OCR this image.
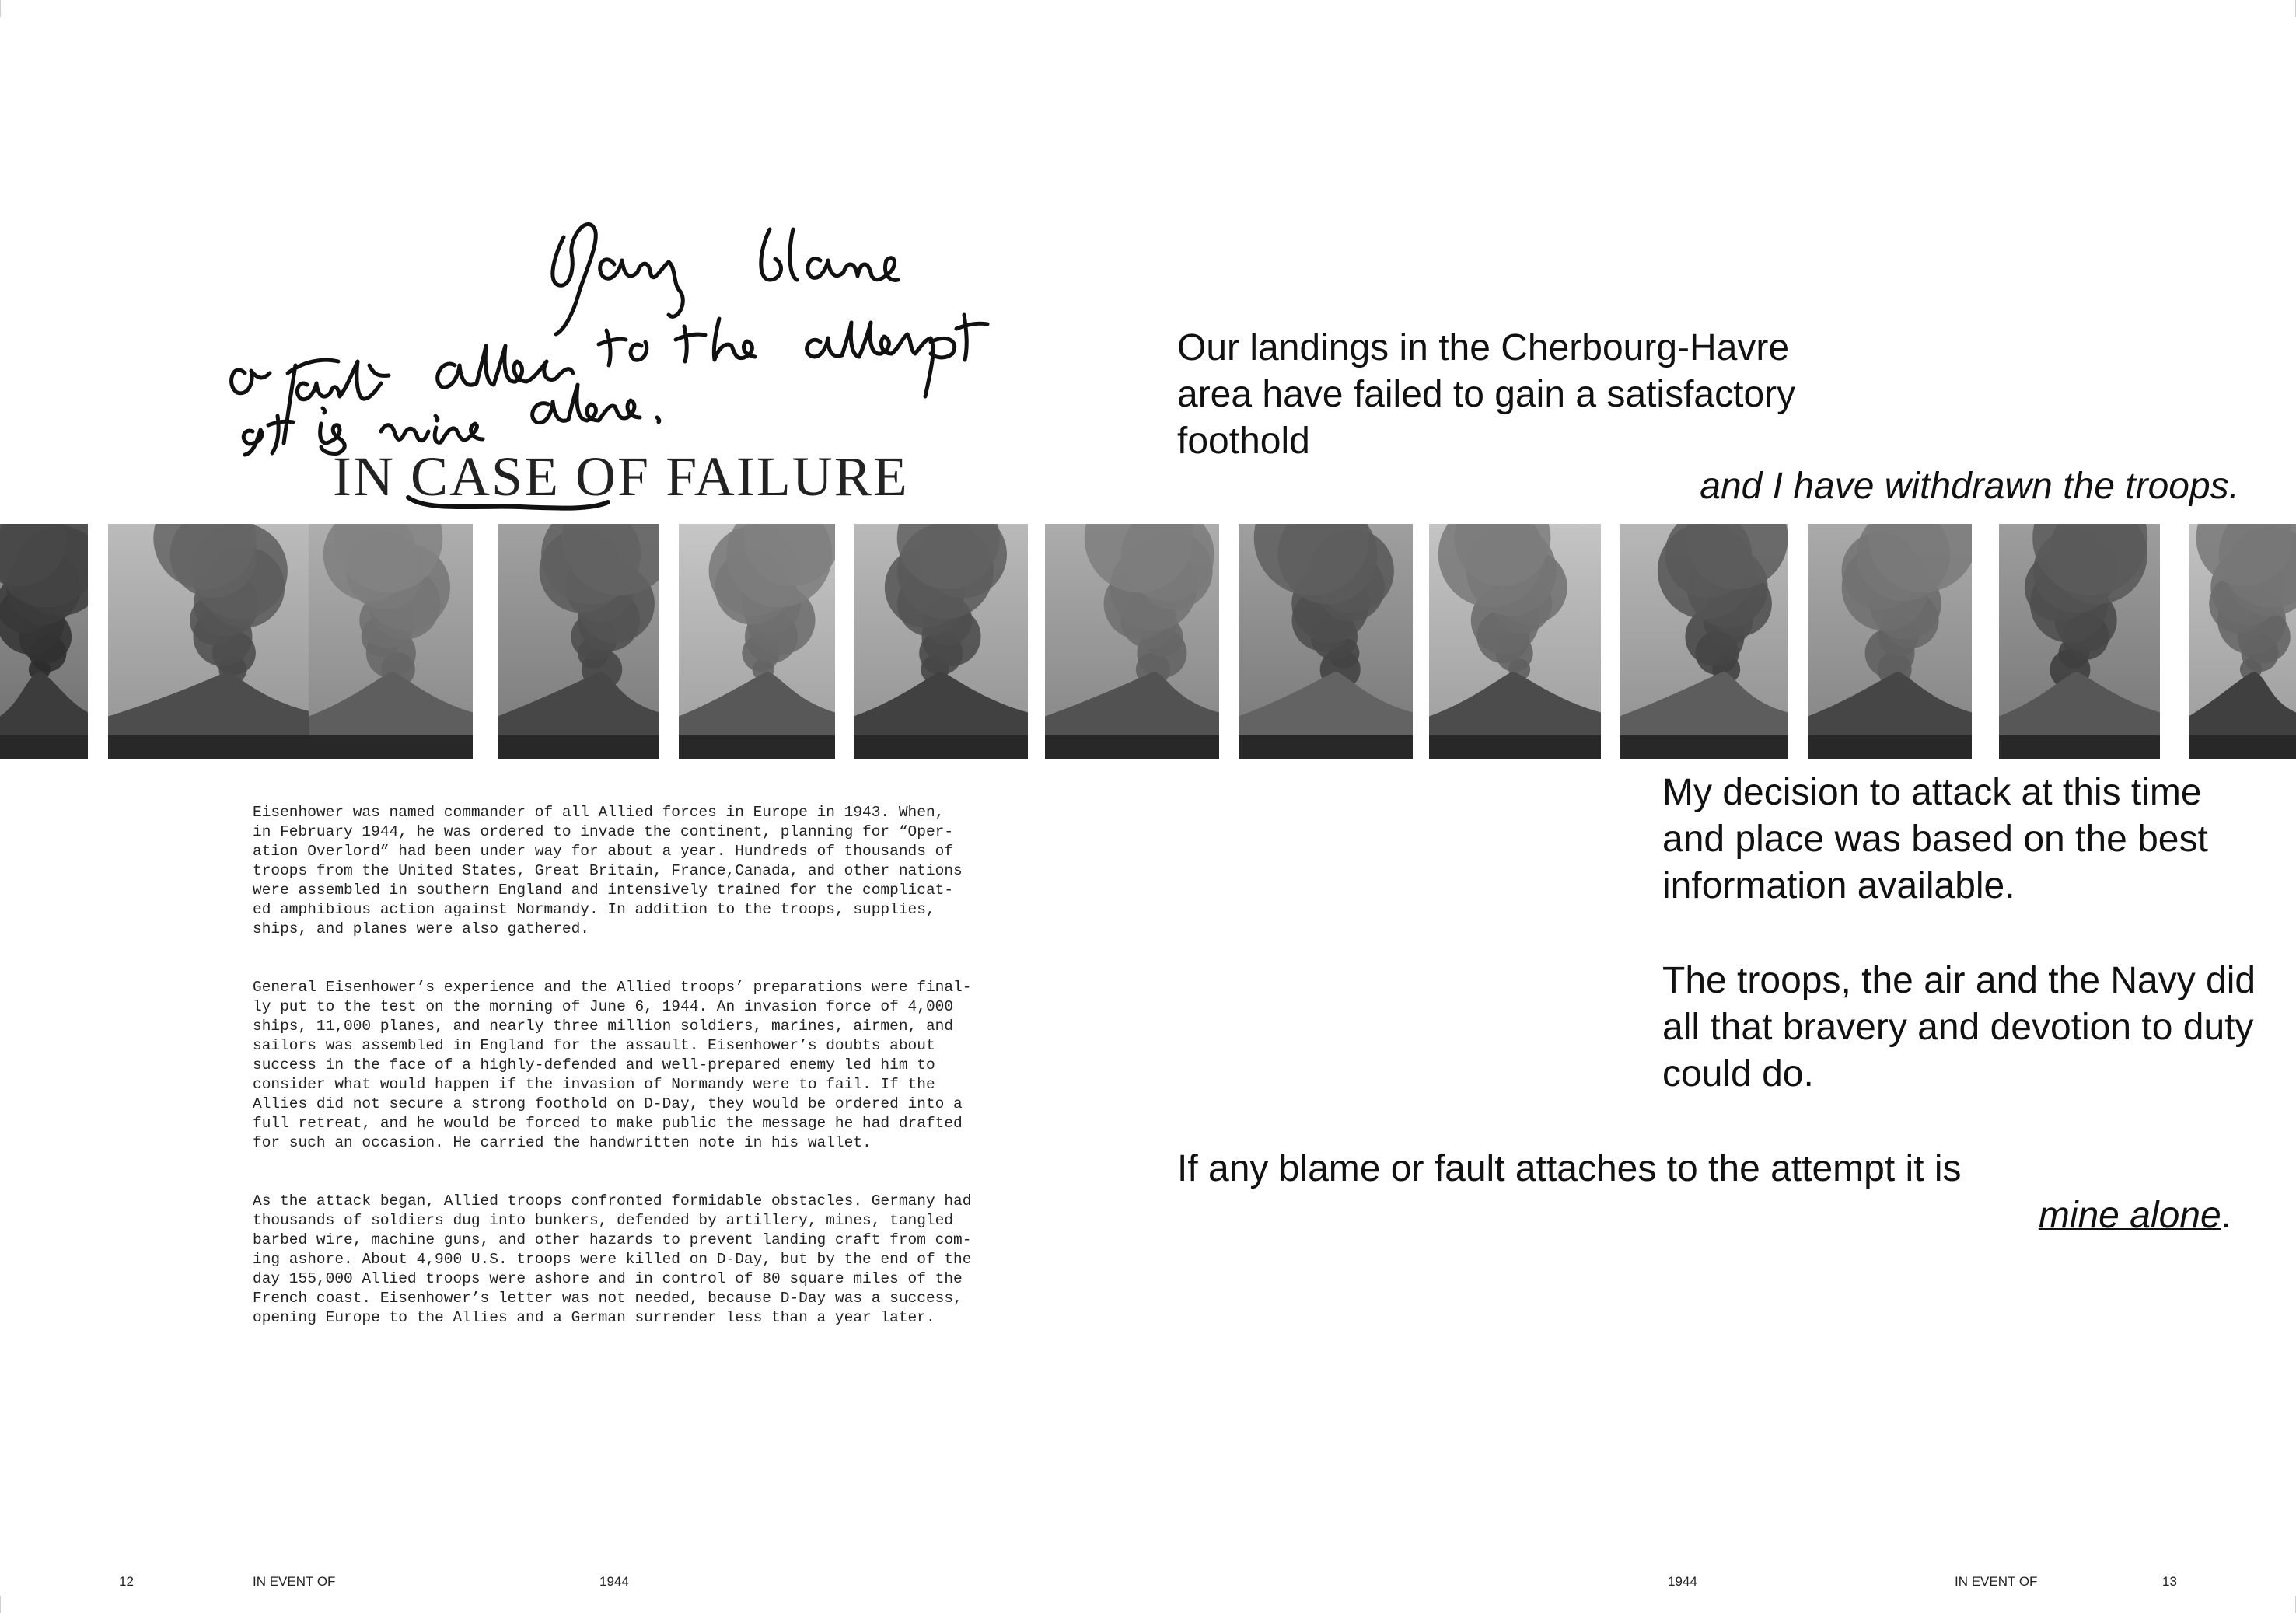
IN CASE OF FAILURE
Our landings in the Cherbourg-Havre area have failed to gain a satisfactory foothold
and I have withdrawn the troops.
My decision to attack at this time and place was based on the best information available.
The troops, the air and the Navy did all that bravery and devotion to duty could do.
If any blame or fault attaches to the attempt it is
mine alone.

Eisenhower was named commander of all Allied forces in Europe in 1943. When,
in February 1944, he was ordered to invade the continent, planning for “Oper-
ation Overlord” had been under way for about a year. Hundreds of thousands of
troops from the United States, Great Britain, France,Canada, and other nations
were assembled in southern England and intensively trained for the complicat-
ed amphibious action against Normandy. In addition to the troops, supplies,
ships, and planes were also gathered.

General Eisenhower’s experience and the Allied troops’ preparations were final-
ly put to the test on the morning of June 6, 1944. An invasion force of 4,000
ships, 11,000 planes, and nearly three million soldiers, marines, airmen, and
sailors was assembled in England for the assault. Eisenhower’s doubts about
success in the face of a highly-defended and well-prepared enemy led him to
consider what would happen if the invasion of Normandy were to fail. If the
Allies did not secure a strong foothold on D-Day, they would be ordered into a
full retreat, and he would be forced to make public the message he had drafted
for such an occasion. He carried the handwritten note in his wallet.

As the attack began, Allied troops confronted formidable obstacles. Germany had
thousands of soldiers dug into bunkers, defended by artillery, mines, tangled
barbed wire, machine guns, and other hazards to prevent landing craft from com-
ing ashore. About 4,900 U.S. troops were killed on D-Day, but by the end of the
day 155,000 Allied troops were ashore and in control of 80 square miles of the
French coast. Eisenhower’s letter was not needed, because D-Day was a success,
opening Europe to the Allies and a German surrender less than a year later.

12	IN EVENT OF	1944	1944	IN EVENT OF	13
